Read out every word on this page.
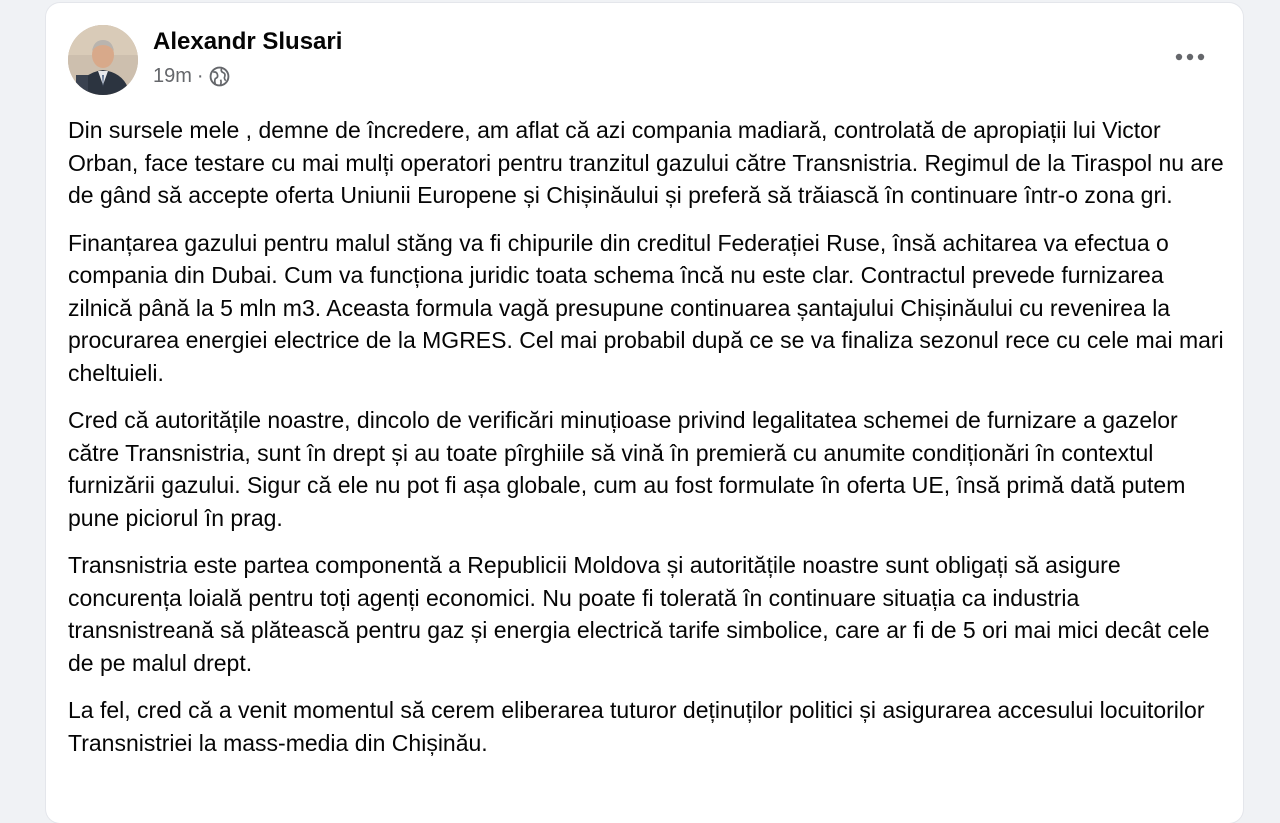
Alexandr Slusari
19m ·

Din sursele mele , demne de încredere, am aflat că azi compania madiară, controlată de apropiații lui Victor Orban, face testare cu mai mulți operatori pentru tranzitul gazului către Transnistria. Regimul de la Tiraspol nu are de gând să accepte oferta Uniunii Europene și Chișinăului și preferă să trăiască în continuare într-o zona gri.

Finanțarea gazului pentru malul stăng va fi chipurile din creditul Federației Ruse, însă achitarea va efectua o compania din Dubai. Cum va funcționa juridic toata schema încă nu este clar. Contractul prevede furnizarea zilnică până la 5 mln m3. Aceasta formula vagă presupune continuarea șantajului Chișinăului cu revenirea la procurarea energiei electrice de la MGRES. Cel mai probabil după ce se va finaliza sezonul rece cu cele mai mari cheltuieli.

Cred că autoritățile noastre, dincolo de verificări minuțioase privind legalitatea schemei de furnizare a gazelor către Transnistria, sunt în drept și au toate pîrghiile să vină în premieră cu anumite condiționări în contextul furnizării gazului. Sigur că ele nu pot fi așa globale, cum au fost formulate în oferta UE, însă primă dată putem pune piciorul în prag.

Transnistria este partea componentă a Republicii Moldova și autoritățile noastre sunt obligați să asigure concurența loială pentru toți agenți economici. Nu poate fi tolerată în continuare situația ca industria transnistreană să plătească pentru gaz și energia electrică tarife simbolice, care ar fi de 5 ori mai mici decât cele de pe malul drept.

La fel, cred că a venit momentul să cerem eliberarea tuturor deținuților politici și asigurarea accesului locuitorilor Transnistriei la mass-media din Chișinău.
